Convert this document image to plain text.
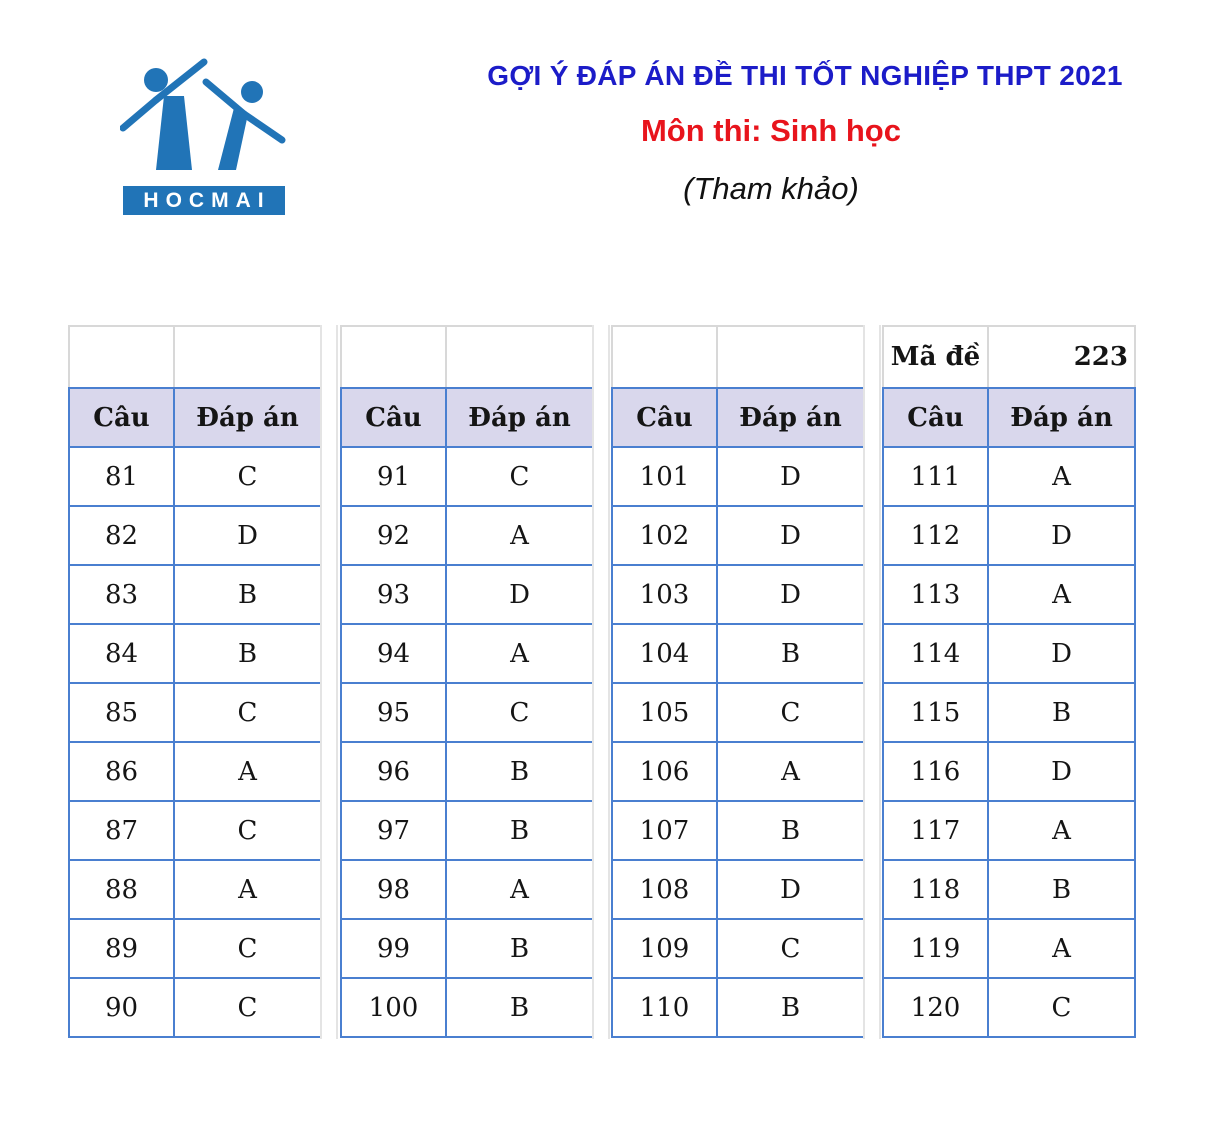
HOCMAI
GỢI Ý ĐÁP ÁN ĐỀ THI TỐT NGHIỆP THPT 2021
Môn thi: Sinh học
(Tham khảo)

Câu	Đáp án
81	C
82	D
83	B
84	B
85	C
86	A
87	C
88	A
89	C
90	C

Câu	Đáp án
91	C
92	A
93	D
94	A
95	C
96	B
97	B
98	A
99	B
100	B

Câu	Đáp án
101	D
102	D
103	D
104	B
105	C
106	A
107	B
108	D
109	C
110	B
Mã đề	223
Câu	Đáp án
111	A
112	D
113	A
114	D
115	B
116	D
117	A
118	B
119	A
120	C
